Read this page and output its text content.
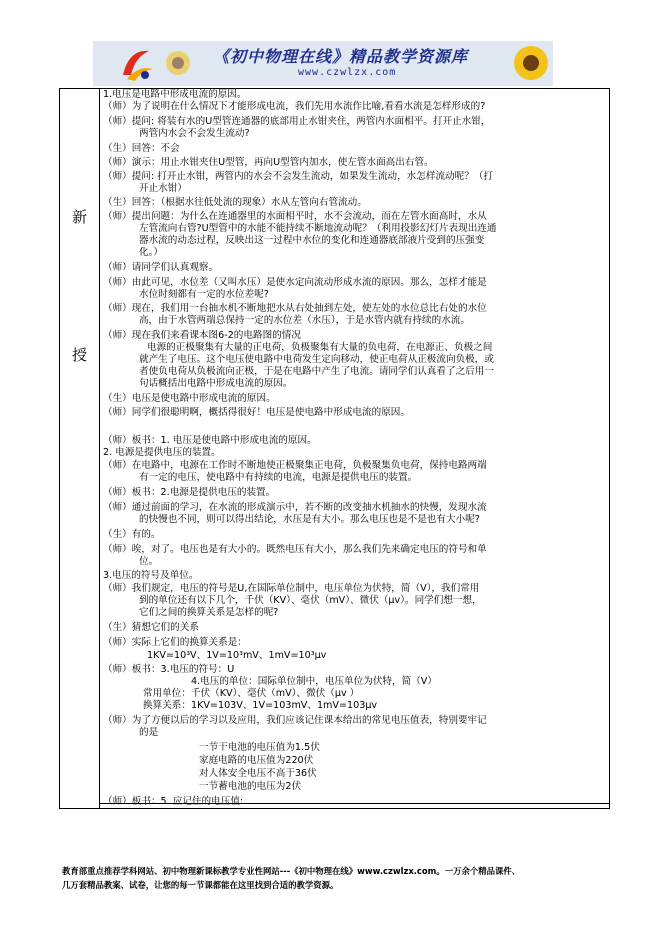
《初中物理在线》精品教学资源库
www.czwlzx.com
新
授
1.电压是电路中形成电流的原因。
（师）为了说明在什么情况下才能形成电流，我们先用水流作比喻,看看水流是怎样形成的?
（师）提问: 将装有水的U型管连通器的底部用止水钳夹住，两管内水面相平。打开止水钳，
两管内水会不会发生流动?
（生）回答：不会
（师）演示：用止水钳夹住U型管，再向U型管内加水，使左管水面高出右管。
（师）提问: 打开止水钳，两管内的水会不会发生流动，如果发生流动，水怎样流动呢？（打
开止水钳）
（生）回答：（根据水往低处流的现象）水从左管向右管流动。
（师）提出问题：为什么在连通器里的水面相平时，水不会流动，而在左管水面高时，水从
左管流向右管?U型管中的水能不能持续不断地流动呢？（利用投影幻灯片表现出连通
器水流的动态过程，反映出这一过程中水位的变化和连通器底部液片受到的压强变
化。）
（师）请同学们认真观察。
（师）由此可见，水位差（又叫水压）是使水定向流动形成水流的原因。那么，怎样才能是
水位时刻都有一定的水位差呢?
（师）现在，我们用一台抽水机不断地把水从右处抽到左处，使左处的水位总比右处的水位
高，由于水管两端总保持一定的水位差（水压），于是水管内就有持续的水流。
（师）现在我们来看课本图6-2的电路图的情况
电源的正极聚集有大量的正电荷，负极聚集有大量的负电荷，在电源正、负极之间
就产生了电压。这个电压使电路中电荷发生定向移动，使正电荷从正极流向负极，或
者使负电荷从负极流向正极，于是在电路中产生了电流。请同学们认真看了之后用一
句话概括出电路中形成电流的原因。
（生）电压是使电路中形成电流的原因。
（师）同学们很聪明啊，概括得很好！电压是使电路中形成电流的原因。
（师）板书：1. 电压是使电路中形成电流的原因。
2. 电源是提供电压的装置。
（师）在电路中，电源在工作时不断地使正极聚集正电荷，负极聚集负电荷，保持电路两端
有一定的电压，使电路中有持续的电流，电源是提供电压的装置。
（师）板书：2.电源是提供电压的装置。
（师）通过前面的学习，在水流的形成演示中，若不断的改变抽水机抽水的快慢，发现水流
的快慢也不同，则可以得出结论，水压是有大小。那么电压也是不是也有大小呢?
（生）有的。
（师）唉，对了。电压也是有大小的。既然电压有大小，那么我们先来确定电压的符号和单
位。
3.电压的符号及单位。
（师）我们规定，电压的符号是U,在国际单位制中，电压单位为伏特，简（V），我们常用
到的单位还有以下几个，千伏（KV）、毫伏（mV）、微伏（μv）。同学们想一想，
它们之间的换算关系是怎样的呢?
（生）猜想它们的关系
（师）实际上它们的换算关系是：
1KV=10³V、1V=10³mV、1mV=10³μv
（师）板书：3.电压的符号：U
4.电压的单位：国际单位制中，电压单位为伏特，简（V）
常用单位：千伏（KV）、毫伏（mV）、微伏（μv ）
换算关系：1KV=103V、1V=103mV、1mV=103μv
（师）为了方便以后的学习以及应用，我们应该记住课本给出的常见电压值表，特别要牢记
的是
一节干电池的电压值为1.5伏
家庭电路的电压值为220伏
对人体安全电压不高于36伏
一节蓄电池的电压为2伏
（师）板书：5. 应记住的电压值:
教育部重点推荐学科网站、初中物理新课标教学专业性网站---《初中物理在线》www.czwlzx.com。一万余个精品课件、
几万套精品教案、试卷，让您的每一节课都能在这里找到合适的教学资源。
